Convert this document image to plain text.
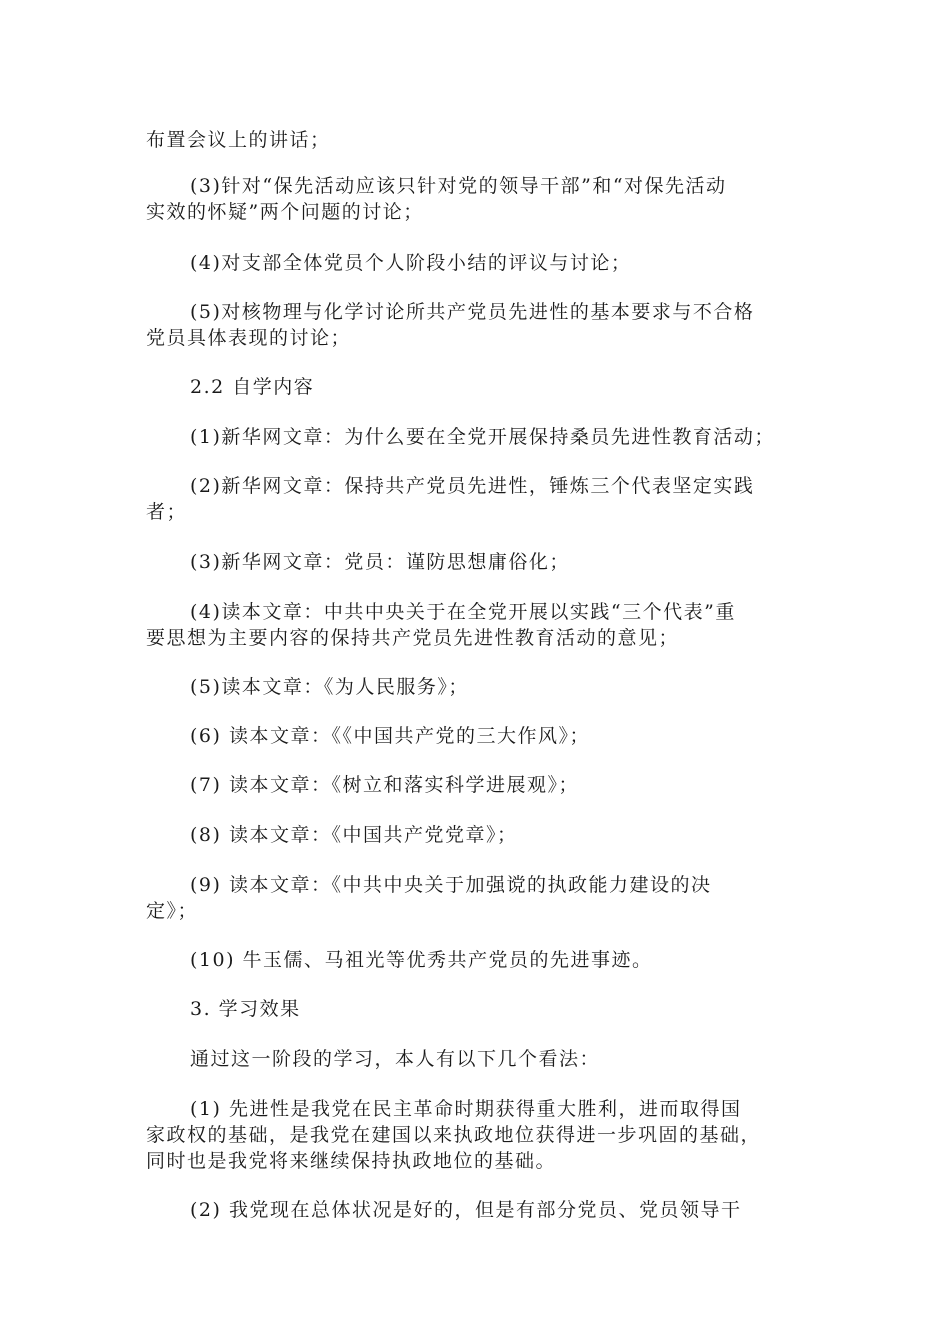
布置会议上的讲话；
(3)针对“保先活动应该只针对党的领导干部”和“对保先活动
实效的怀疑”两个问题的讨论；
(4)对支部全体党员个人阶段小结的评议与讨论；
(5)对核物理与化学讨论所共产党员先进性的基本要求与不合格
党员具体表现的讨论；
2.2 自学内容
(1)新华网文章：为什么要在全党开展保持桑员先进性教育活动；
(2)新华网文章：保持共产党员先进性，锤炼三个代表坚定实践
者；
(3)新华网文章：党员：谨防思想庸俗化；
(4)读本文章：中共中央关于在全党开展以实践“三个代表”重
要思想为主要内容的保持共产党员先进性教育活动的意见；
(5)读本文章：《为人民服务》；
(6) 读本文章：《《中国共产党的三大作风》；
(7) 读本文章：《树立和落实科学进展观》；
(8) 读本文章：《中国共产党党章》；
(9) 读本文章：《中共中央关于加强谠的执政能力建设的决
定》；
(10) 牛玉儒、马祖光等优秀共产党员的先进事迹。
3. 学习效果
通过这一阶段的学习，本人有以下几个看法：
(1) 先进性是我党在民主革命时期获得重大胜利，进而取得国
家政权的基础，是我党在建国以来执政地位获得进一步巩固的基础，
同时也是我党将来继续保持执政地位的基础。
(2) 我党现在总体状况是好的，但是有部分党员、党员领导干
